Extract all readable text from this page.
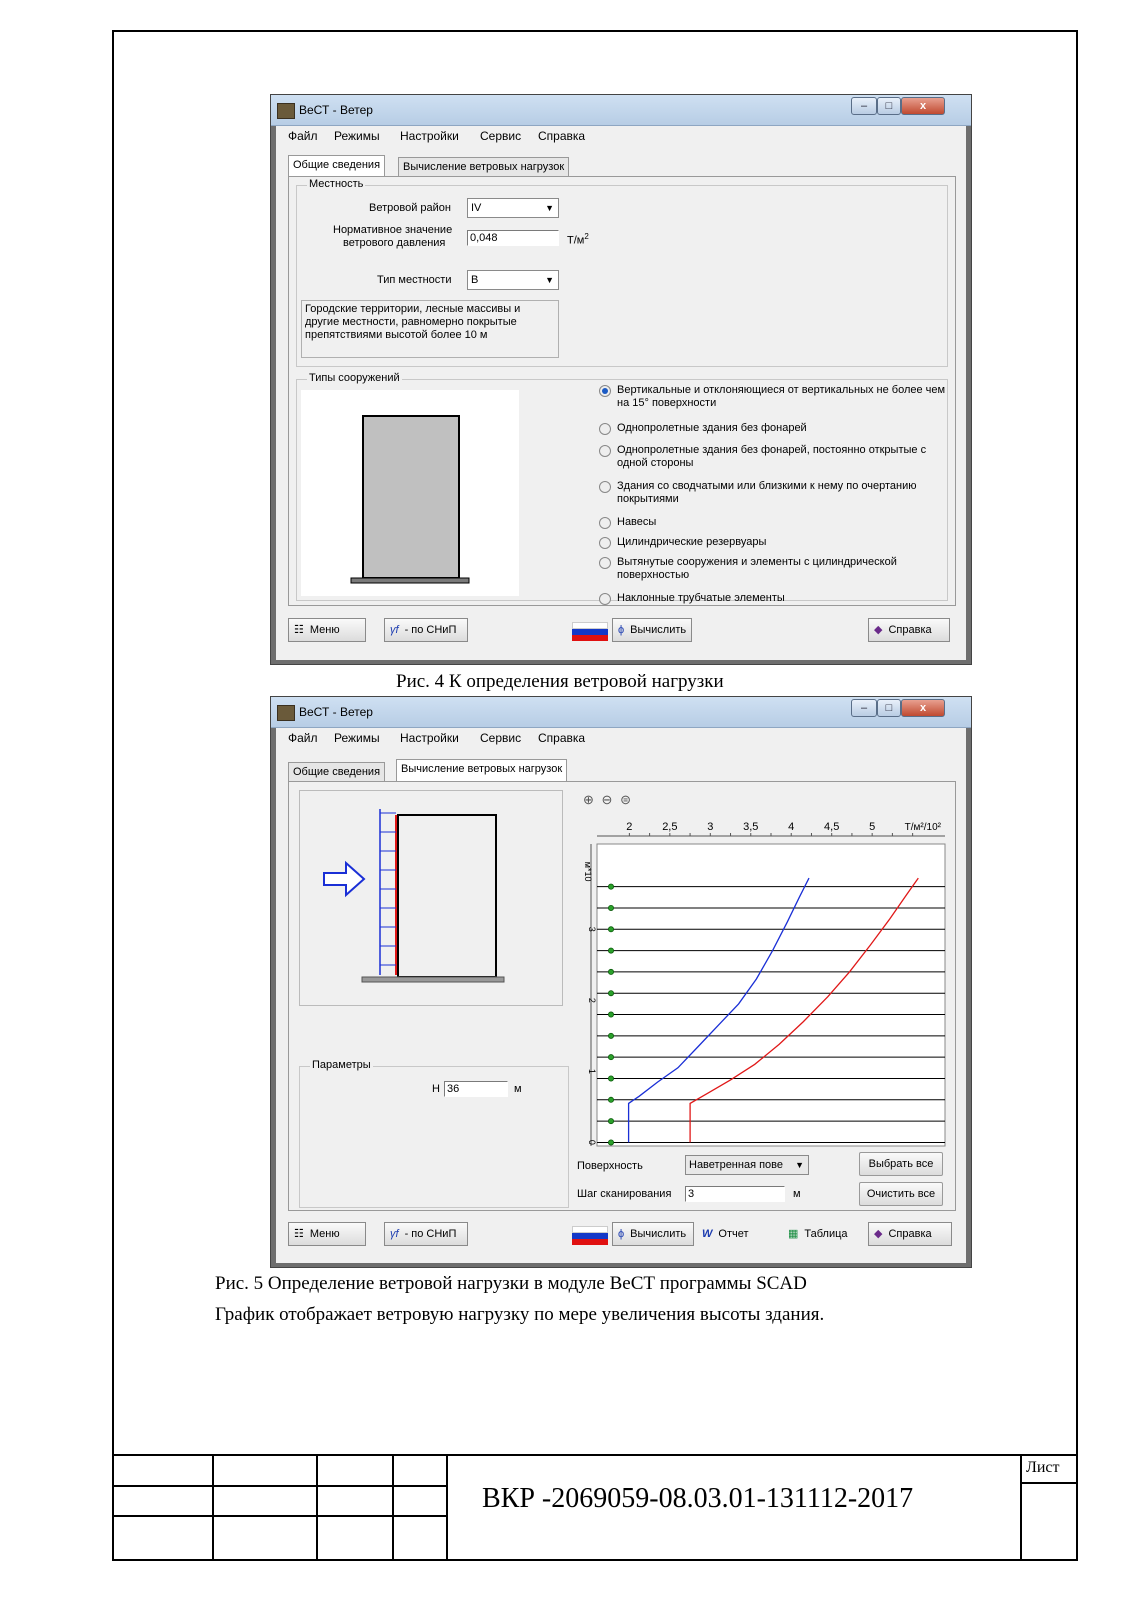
ВеСТ - Ветер	–	□	x
Файл Режимы Настройки Сервис Справка
Общие сведения	Вычисление ветровых нагрузок
Местность
Ветровой район	IV	▼
Нормативное значение
ветрового давления 0,048	$Т/м^2$
Тип местности	В	▼
Городские территории, лесные массивы и другие местности, равномерно покрытые препятствиями высотой более 10 м
Типы сооружений
Вертикальные и отклоняющиеся от вертикальных не более чем на 15° поверхности
Однопролетные здания без фонарей
Однопролетные здания без фонарей, постоянно открытые с одной стороны
Здания со сводчатыми или близкими к нему по очертанию покрытиями
Навесы
Цилиндрические резервуары
Вытянутые сооружения и элементы с цилиндрической поверхностью
Наклонные трубчатые элементы
☷ Меню	γf - по СНиП	ϕ Вычислить	◆ Справка
Рис. 4 К определения ветровой нагрузки
ВеСТ - Ветер	–	□	x
Файл Режимы Настройки Сервис Справка
Общие сведения	Вычисление ветровых нагрузок
Параметры
H 36	м
⊕ ⊖ ⊜
2	2,5	3	3,5	4	4,5	5	Т/м²/10²
0
1
2
3
м*10
Поверхность	Наветренная пове ▼	Выбрать все
Шаг сканирования 3	м	Очистить все
☷ Меню	γf - по СНиП	ϕ Вычислить	W Отчет	▦ Таблица	◆ Справка
Рис. 5 Определение ветровой нагрузки в модуле ВеСТ программы SCAD
График отображает ветровую нагрузку по мере увеличения высоты здания.
Лист
ВКР -2069059-08.03.01-131112-2017
